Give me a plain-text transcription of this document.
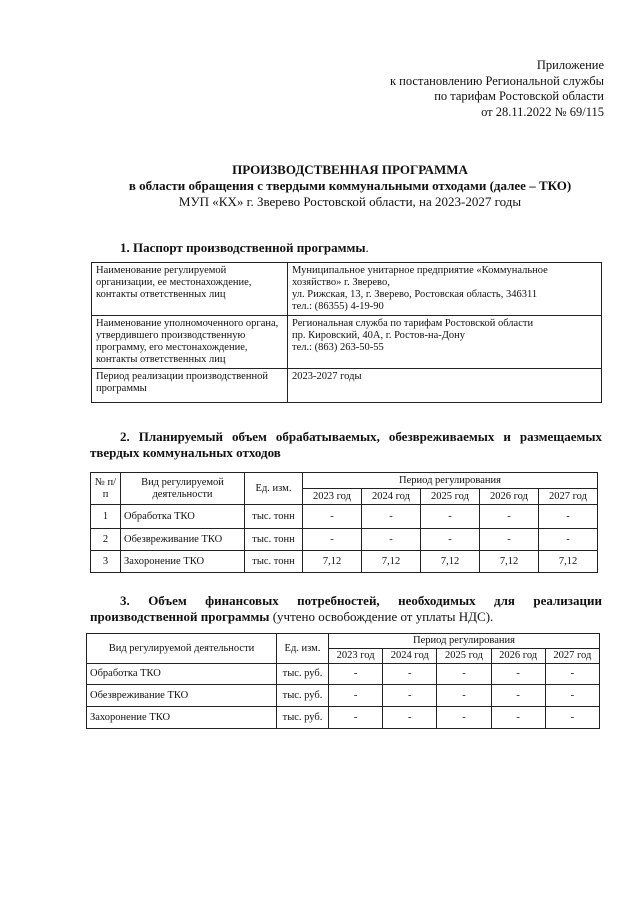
Приложение
к постановлению Региональной службы
по тарифам Ростовской области
от 28.11.2022 № 69/115
ПРОИЗВОДСТВЕННАЯ ПРОГРАММА
в области обращения с твердыми коммунальными отходами (далее – ТКО)
МУП «КХ» г. Зверево Ростовской области, на 2023-2027 годы
1. Паспорт производственной программы.
Наименование регулируемой организации, ее местонахождение, контакты ответственных лиц	Муниципальное унитарное предприятие «Коммунальное хозяйство» г. Зверево,
ул. Рижская, 13, г. Зверево, Ростовская область, 346311
тел.: (86355) 4-19-90

Наименование уполномоченного органа, утвердившего производственную программу, его местонахождение, контакты ответственных лиц	Региональная служба по тарифам Ростовской области
пр. Кировский, 40А, г. Ростов-на-Дону
тел.: (863) 263-50-55

Период реализации производственной программы	2023-2027 годы
2. Планируемый объем обрабатываемых, обезвреживаемых и размещаемых твердых коммунальных отходов
№ п/п	Вид регулируемой деятельности	Ед. изм.	Период регулирования				
			2023 год	2024 год	2025 год	2026 год	2027 год
1	Обработка ТКО	тыс. тонн	-	-	-	-	-
2	Обезвреживание ТКО	тыс. тонн	-	-	-	-	-
3	Захоронение ТКО	тыс. тонн	7,12	7,12	7,12	7,12	7,12
3. Объем финансовых потребностей, необходимых для реализации производственной программы (учтено освобождение от уплаты НДС).
Вид регулируемой деятельности	Ед. изм.	Период регулирования				
		2023 год	2024 год	2025 год	2026 год	2027 год
Обработка ТКО	тыс. руб.	-	-	-	-	-
Обезвреживание ТКО	тыс. руб.	-	-	-	-	-
Захоронение ТКО	тыс. руб.	-	-	-	-	-
